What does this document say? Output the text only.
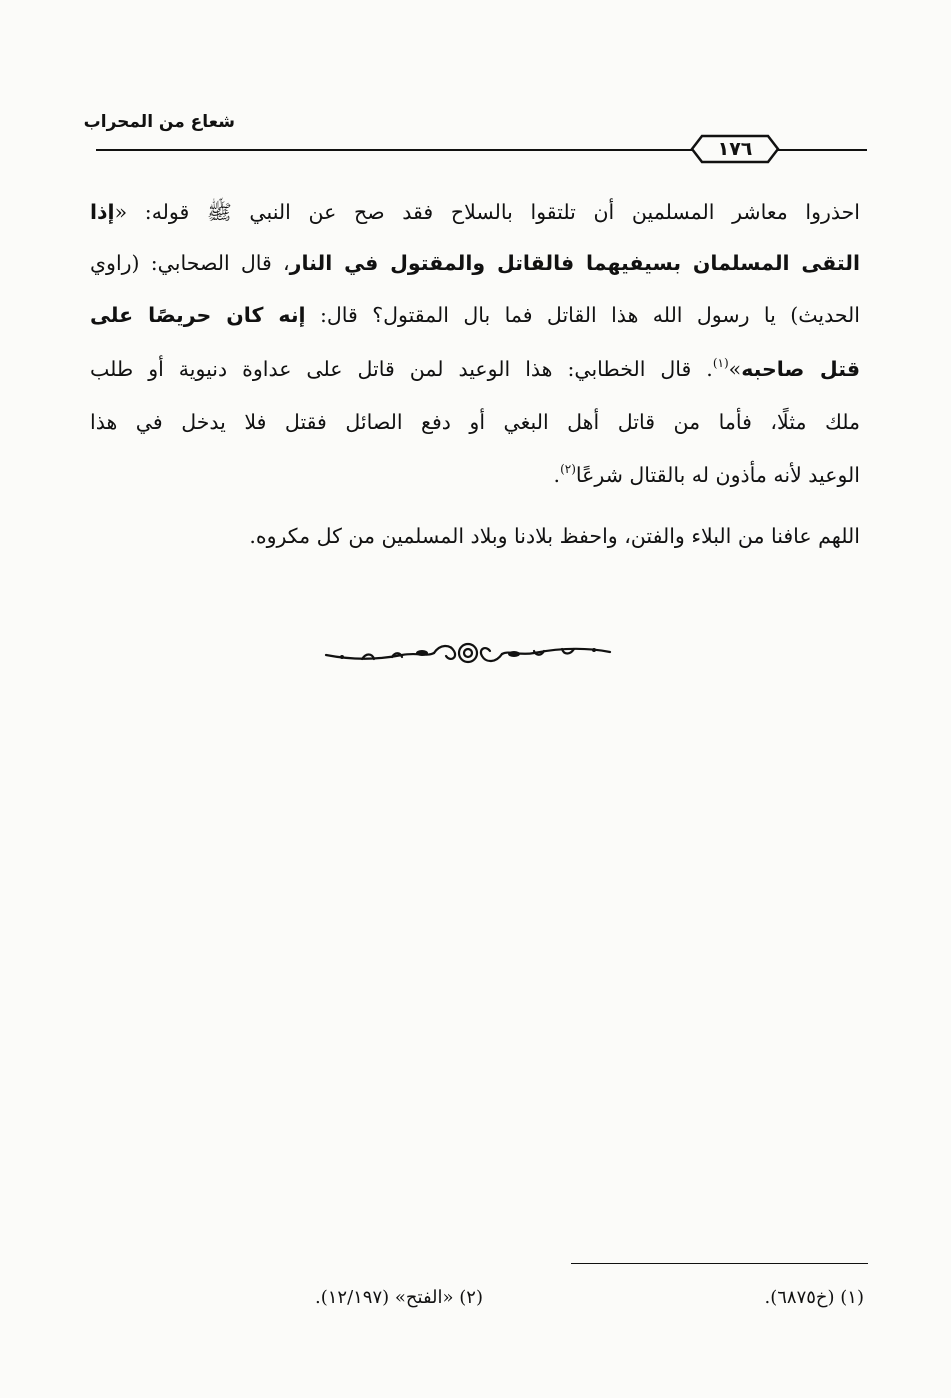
شعاع من المحراب
١٧٦
احذروا معاشر المسلمين أن تلتقوا بالسلاح فقد صح عن النبي ﷺ قوله: «إذا
التقى المسلمان بسيفيهما فالقاتل والمقتول في النار، قال الصحابي: (راوي
الحديث) يا رسول الله هذا القاتل فما بال المقتول؟ قال: إنه كان حريصًا على
قتل صاحبه»$^{(١)}$. قال الخطابي: هذا الوعيد لمن قاتل على عداوة دنيوية أو طلب
ملك مثلًا، فأما من قاتل أهل البغي أو دفع الصائل فقتل فلا يدخل في هذا
الوعيد لأنه مأذون له بالقتال شرعًا$^{(٢)}$.
اللهم عافنا من البلاء والفتن، واحفظ بلادنا وبلاد المسلمين من كل مكروه.
(١) (خ٦٨٧٥).
(٢) «الفتح» (١٢/١٩٧).
